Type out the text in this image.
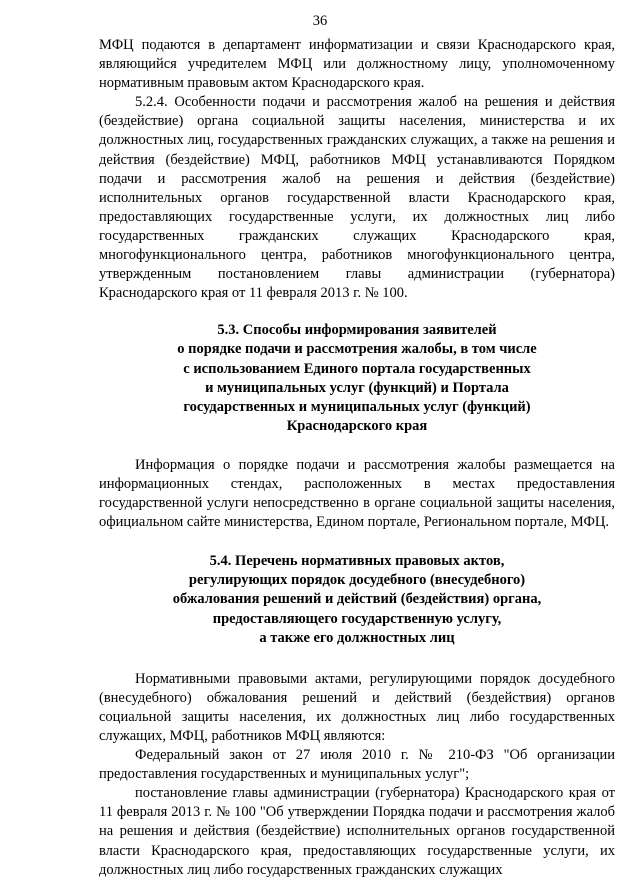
36

МФЦ подаются в департамент информатизации и связи Краснодарского края, являющийся учредителем МФЦ или должностному лицу, уполномоченному нормативным правовым актом Краснодарского края.

5.2.4. Особенности подачи и рассмотрения жалоб на решения и действия (бездействие) органа социальной защиты населения, министерства и их должностных лиц, государственных гражданских служащих, а также на решения и действия (бездействие) МФЦ, работников МФЦ устанавливаются Порядком подачи и рассмотрения жалоб на решения и действия (бездействие) исполнительных органов государственной власти Краснодарского края, предоставляющих государственные услуги, их должностных лиц либо государственных гражданских служащих Краснодарского края, многофункционального центра, работников многофункционального центра, утвержденным постановлением главы администрации (губернатора) Краснодарского края от 11 февраля 2013 г. № 100.

5.3. Способы информирования заявителей
о порядке подачи и рассмотрения жалобы, в том числе
с использованием Единого портала государственных
и муниципальных услуг (функций) и Портала
государственных и муниципальных услуг (функций)
Краснодарского края

Информация о порядке подачи и рассмотрения жалобы размещается на информационных стендах, расположенных в местах предоставления государственной услуги непосредственно в органе социальной защиты населения, официальном сайте министерства, Едином портале, Региональном портале, МФЦ.

5.4. Перечень нормативных правовых актов,
регулирующих порядок досудебного (внесудебного)
обжалования решений и действий (бездействия) органа,
предоставляющего государственную услугу,
а также его должностных лиц

Нормативными правовыми актами, регулирующими порядок досудебного (внесудебного) обжалования решений и действий (бездействия) органов социальной защиты населения, их должностных лиц либо государственных служащих, МФЦ, работников МФЦ являются:

Федеральный закон от 27 июля 2010 г. № 210-ФЗ "Об организации предоставления государственных и муниципальных услуг";

постановление главы администрации (губернатора) Краснодарского края от 11 февраля 2013 г. № 100 "Об утверждении Порядка подачи и рассмотрения жалоб на решения и действия (бездействие) исполнительных органов государственной власти Краснодарского края, предоставляющих государственные услуги, их должностных лиц либо государственных гражданских служащих
